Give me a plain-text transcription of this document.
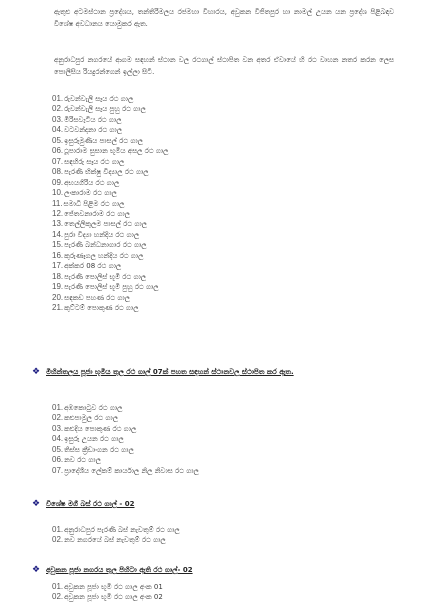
ඇතුළු අටමස්ථාන ප්‍රදේශය, තන්තිරිමලය රජමහා විහාරය, අවුකන විජිතපුර හා නාමල් උයන යන ප්‍රදේශ පිළිබඳව විශේෂ අවධානය යොමුකර ඇත.
අනුරාධපුර නගරයේ ආගම සඳහන් ස්ථාන වල රථගාල් ස්ථාපිත වන අතර ඒවායේ හි රථ වාහන නතර කරන ලෙස පොලිසිය රියදුරන්ගෙන් ඉල්ලා සිටී.
01.රුවන්වැලි සෑය රථ ගාල
02.රුවන්වැලි සෑය පුහු රථ ගාල
03.මිරිසවැටිය රථ ගාල
04.වටවන්දනා රථ ගාල
05.ඉසුරුමුණිය පාසල් රථ ගාල
06.ථූපාරාම සුසාන භූමිය අසල රථ ගාල
07.සඳහිරු සෑය රථ ගාල
08.පැරණි භික්ෂු විද්‍යාල රථ ගාල
09.අභයගිරිය රථ ගාල
10.ලංකාරාම රථ ගාල
11.සමාධි පිළිම රථ ගාල
12.ජේතවනාරාම රථ ගාල
13.තෙල්ලිකුලම පාසල් රථ ගාල
14.පුරා විද්‍යා හන්දිය රථ ගාල
15.පැරණි බන්ධනාගාර රථ ගාල
16.කුරුණෑගල හන්දිය රථ ගාල
17.අක්කර 08 රථ ගාල
18.පැරණි පොලිස් භූමි රථ ගාල
19.පැරණි පොලිස් භූමි පුහු රථ ගාල
20.සඳකඩ පහණ රථ ගාල
21.කුට්ටම් පොකුණ රථ ගාල
❖ මිහින්තලය පූජා භූමිය තුල රථ ගාල් 07ක් පහත සඳහන් ස්ථානවල ස්ථාපිත කර ඇත.
01.අඹකොටුව රථ ගාල
02.කළුපාමුල රථ ගාල
03.කළුදිය පොකුණ රථ ගාල
04.ඉසුරු උයන රථ ගාල
05.තිස්ස ක්‍රීඩාංගන රථ ගාල
06.නව රථ ගාල
07.ප්‍රාදේශීය ලේකම් කාර්යාල නිල නිවාස රථ ගාල
❖ විශේෂ මගී බස් රථ ගාල් - 02
01.අනුරාධපුර පැරණි බස් නැවතුම් රථ ගාල
02.නව නගරයේ බස් නැවතුම් රථ ගාල
❖ අවුකන පූජා නගරය තුල පිහිටා ඇති රථ ගාල්- 02
01.අවුකන පූජා භූමි රථ ගාල අංක 01
02.අවුකන පූජා භූමි රථ ගාල අංක 02
